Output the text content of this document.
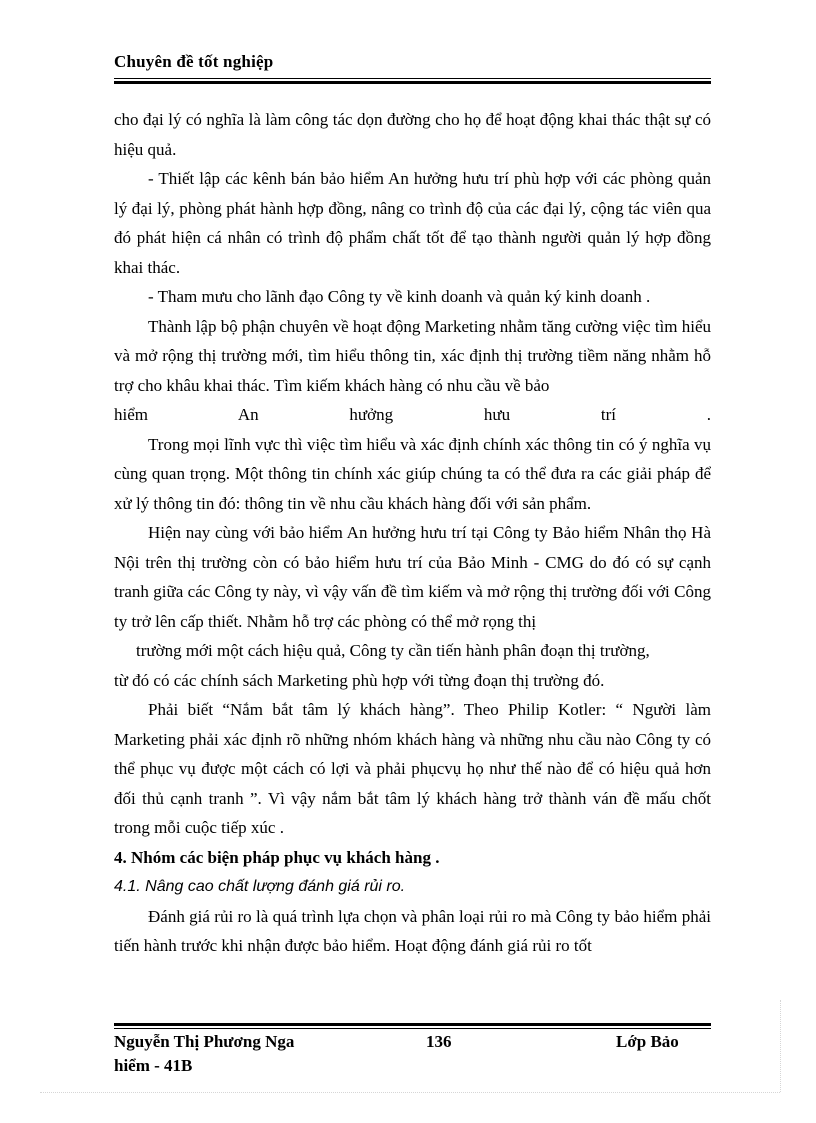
Chuyên đề tốt nghiệp

cho đại lý có nghĩa là làm công tác dọn đường cho họ để hoạt động khai thác thật sự có hiệu quả.

- Thiết lập các kênh bán bảo hiểm An hưởng hưu trí phù hợp với các phòng quản lý đại lý, phòng phát hành hợp đồng, nâng co trình độ của các đại lý, cộng tác viên qua đó phát hiện cá nhân có trình độ phẩm chất tốt để tạo thành người quản lý hợp đồng khai thác.

- Tham mưu cho lãnh đạo Công ty về kinh doanh và quản ký kinh doanh .

Thành lập bộ phận chuyên về hoạt động Marketing nhằm tăng cường việc tìm hiểu và mở rộng thị trường mới, tìm hiểu thông tin, xác định thị trường tiềm năng nhằm hỗ trợ cho khâu khai thác. Tìm kiếm khách hàng có nhu cầu về bảo

hiểm An hưởng hưu trí .

Trong mọi lĩnh vực thì việc tìm hiểu và xác định chính xác thông tin có ý nghĩa vụ cùng quan trọng. Một thông tin chính xác giúp chúng ta có thể đưa ra các giải pháp để xử lý thông tin đó: thông tin về nhu cầu khách hàng đối với sản phẩm.

Hiện nay cùng với bảo hiểm An hưởng hưu trí tại Công ty Bảo hiểm Nhân thọ Hà Nội trên thị trường còn có bảo hiểm hưu trí của Bảo Minh - CMG do đó có sự cạnh tranh giữa các Công ty này, vì vậy vấn đề tìm kiếm và mở rộng thị trường đối với Công ty trở lên cấp thiết. Nhằm hỗ trợ các phòng có thể mở rọng thị

trường mới một cách hiệu quả, Công ty cần tiến hành phân đoạn thị trường,

từ đó có các chính sách Marketing phù hợp với từng đoạn thị trường đó.

Phải biết “Nắm bắt tâm lý khách hàng”. Theo Philip Kotler: “ Người làm Marketing phải xác định rõ những nhóm khách hàng và những nhu cầu nào Công ty có thể phục vụ được một cách có lợi và phải phụcvụ họ như thế nào để có hiệu quả hơn đối thủ cạnh tranh ”. Vì vậy nắm bắt tâm lý khách hàng trở thành ván đề mấu chốt trong mỗi cuộc tiếp xúc .

4. Nhóm các biện pháp phục vụ khách hàng .
4.1. Nâng cao chất lượng đánh giá rủi ro.

Đánh giá rủi ro là quá trình lựa chọn và phân loại rủi ro mà Công ty bảo hiểm phải tiến hành trước khi nhận được bảo hiểm. Hoạt động đánh giá rủi ro tốt

Nguyễn Thị Phương Nga	136	Lớp Bảo
hiểm - 41B
